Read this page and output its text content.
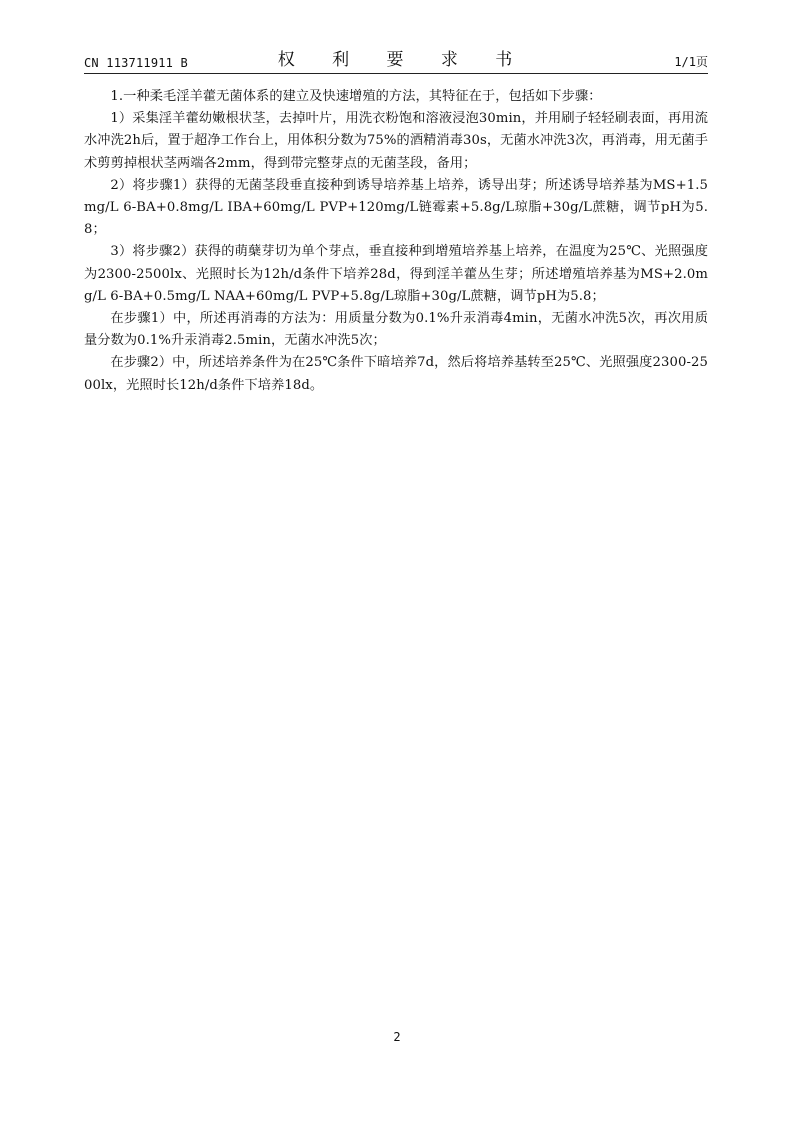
CN 113711911 B	权 利 要 求 书	1/1页

1.一种柔毛淫羊藿无菌体系的建立及快速增殖的方法，其特征在于，包括如下步骤：

1）采集淫羊藿幼嫩根状茎，去掉叶片，用洗衣粉饱和溶液浸泡30min，并用刷子轻轻刷表面，再用流水冲洗2h后，置于超净工作台上，用体积分数为75%的酒精消毒30s，无菌水冲洗3次，再消毒，用无菌手术剪剪掉根状茎两端各2mm，得到带完整芽点的无菌茎段，备用；

2）将步骤1）获得的无菌茎段垂直接种到诱导培养基上培养，诱导出芽；所述诱导培养基为MS+1.5mg/L 6-BA+0.8mg/L IBA+60mg/L PVP+120mg/L链霉素+5.8g/L琼脂+30g/L蔗糖，调节pH为5.8；

3）将步骤2）获得的萌蘖芽切为单个芽点，垂直接种到增殖培养基上培养，在温度为25℃、光照强度为2300-2500lx、光照时长为12h/d条件下培养28d，得到淫羊藿丛生芽；所述增殖培养基为MS+2.0mg/L 6-BA+0.5mg/L NAA+60mg/L PVP+5.8g/L琼脂+30g/L蔗糖，调节pH为5.8；

在步骤1）中，所述再消毒的方法为：用质量分数为0.1%升汞消毒4min，无菌水冲洗5次，再次用质量分数为0.1%升汞消毒2.5min，无菌水冲洗5次；

在步骤2）中，所述培养条件为在25℃条件下暗培养7d，然后将培养基转至25℃、光照强度2300-2500lx，光照时长12h/d条件下培养18d。

2
